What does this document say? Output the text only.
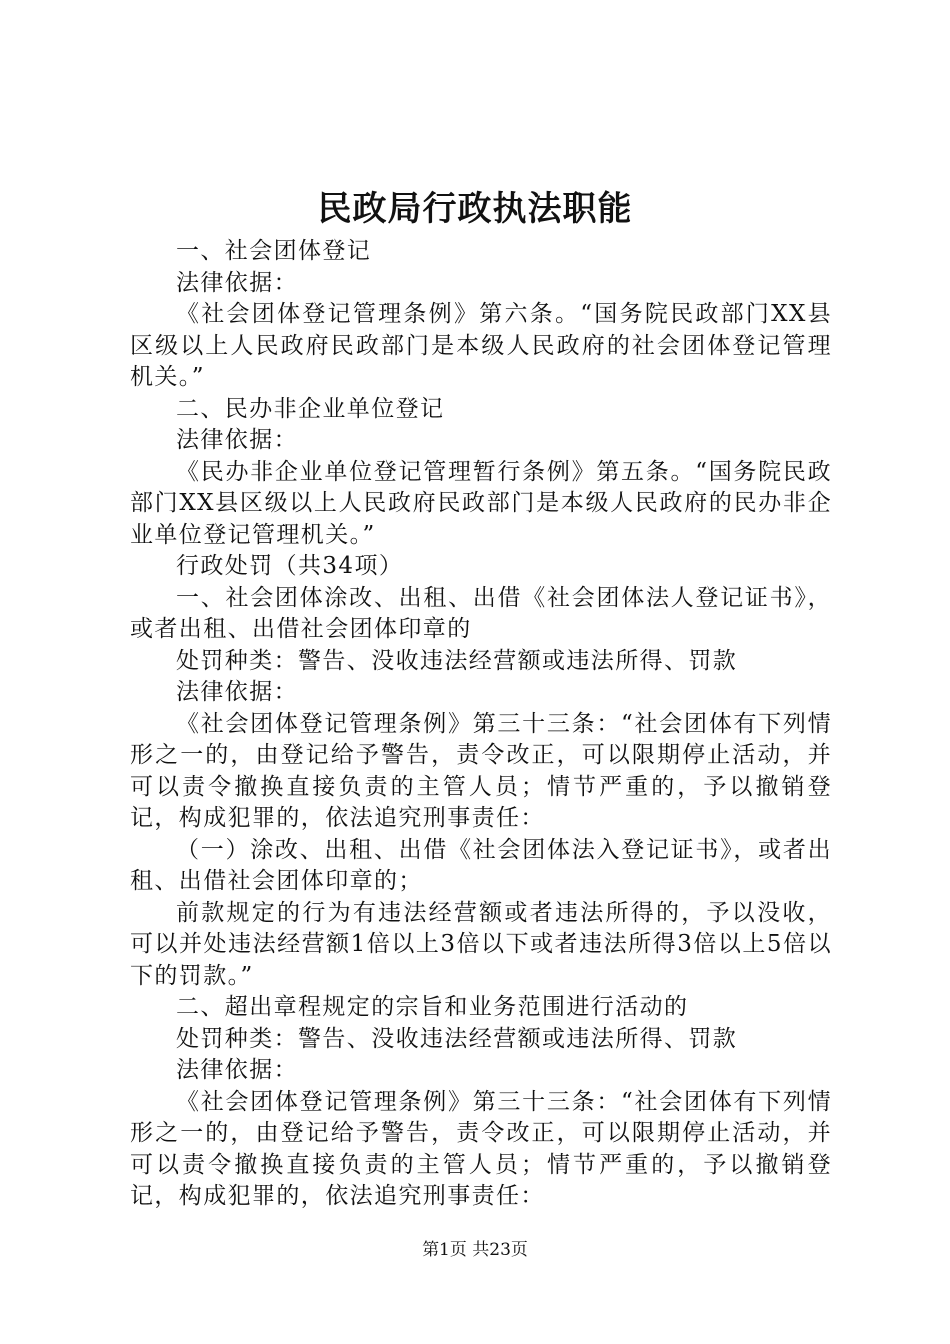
民政局行政执法职能

一、社会团体登记

法律依据：

《社会团体登记管理条例》第六条。“国务院民政部门XX县区级以上人民政府民政部门是本级人民政府的社会团体登记管理机关。”

二、民办非企业单位登记

法律依据：

《民办非企业单位登记管理暂行条例》第五条。“国务院民政部门XX县区级以上人民政府民政部门是本级人民政府的民办非企业单位登记管理机关。”

行政处罚（共34项）

一、社会团体涂改、出租、出借《社会团体法人登记证书》，或者出租、出借社会团体印章的

处罚种类：警告、没收违法经营额或违法所得、罚款

法律依据：

《社会团体登记管理条例》第三十三条：“社会团体有下列情形之一的，由登记给予警告，责令改正，可以限期停止活动，并可以责令撤换直接负责的主管人员；情节严重的，予以撤销登记，构成犯罪的，依法追究刑事责任：

（一）涂改、出租、出借《社会团体法入登记证书》，或者出租、出借社会团体印章的；

前款规定的行为有违法经营额或者违法所得的，予以没收，可以并处违法经营额1倍以上3倍以下或者违法所得3倍以上5倍以下的罚款。”

二、超出章程规定的宗旨和业务范围进行活动的

处罚种类：警告、没收违法经营额或违法所得、罚款

法律依据：

《社会团体登记管理条例》第三十三条：“社会团体有下列情形之一的，由登记给予警告，责令改正，可以限期停止活动，并可以责令撤换直接负责的主管人员；情节严重的，予以撤销登记，构成犯罪的，依法追究刑事责任：

第1页 共23页
